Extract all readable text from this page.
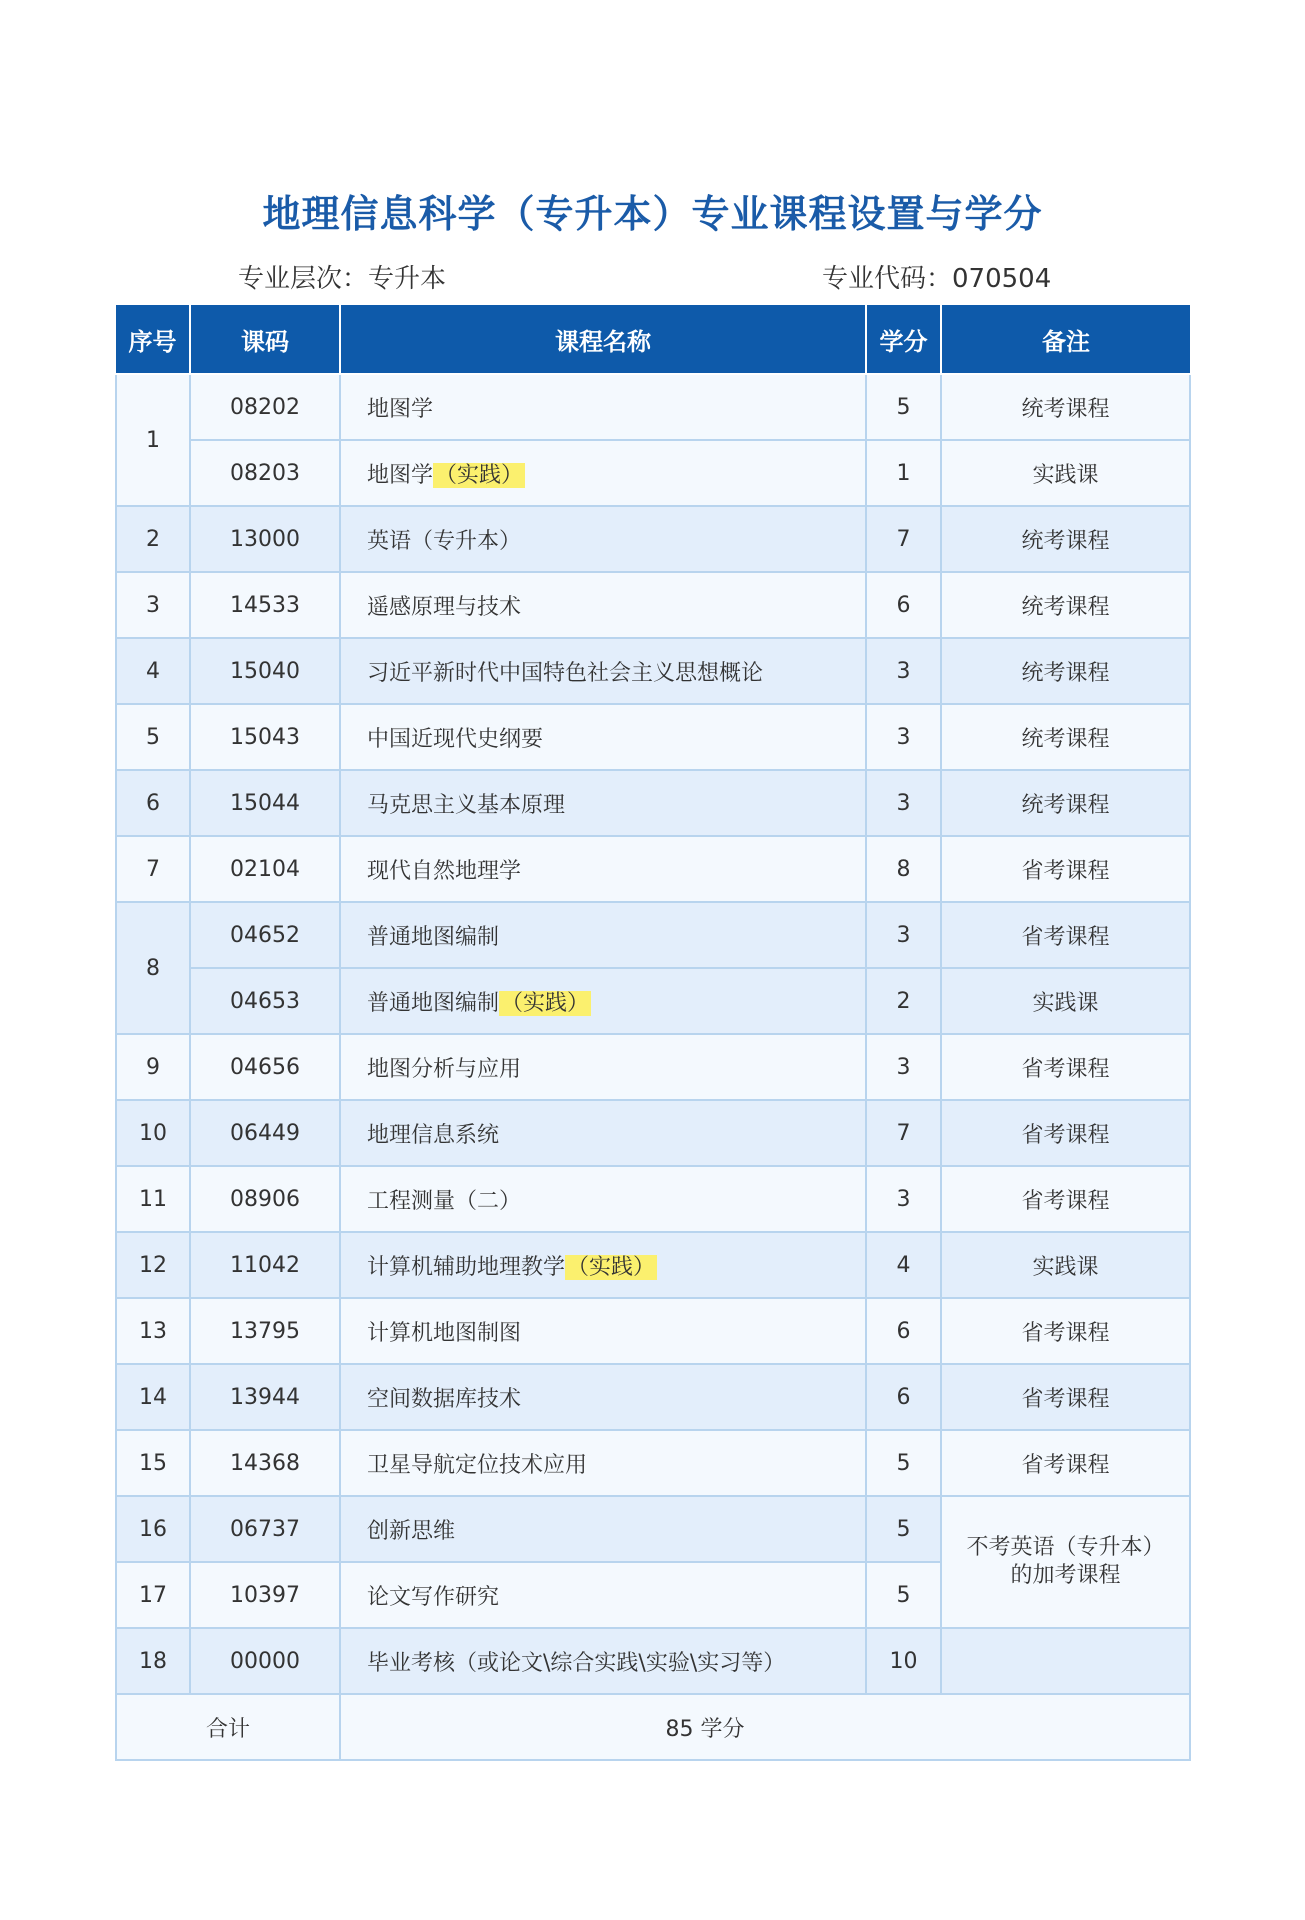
地理信息科学（专升本）专业课程设置与学分
专业层次：专升本	专业代码：070504
序号	课码	课程名称	学分	备注
1	08202	地图学	5	统考课程
	08203	地图学（实践）	1	实践课
2	13000	英语（专升本）	7	统考课程
3	14533	遥感原理与技术	6	统考课程
4	15040	习近平新时代中国特色社会主义思想概论	3	统考课程
5	15043	中国近现代史纲要	3	统考课程
6	15044	马克思主义基本原理	3	统考课程
7	02104	现代自然地理学	8	省考课程
8	04652	普通地图编制	3	省考课程
	04653	普通地图编制（实践）	2	实践课
9	04656	地图分析与应用	3	省考课程
10	06449	地理信息系统	7	省考课程
11	08906	工程测量（二）	3	省考课程
12	11042	计算机辅助地理教学（实践）	4	实践课
13	13795	计算机地图制图	6	省考课程
14	13944	空间数据库技术	6	省考课程
15	14368	卫星导航定位技术应用	5	省考课程
16	06737	创新思维	5	不考英语（专升本）
的加考课程

17	10397	论文写作研究	5	
18	00000	毕业考核（或论文\综合实践\实验\实习等）	10	
合计		85 学分		
